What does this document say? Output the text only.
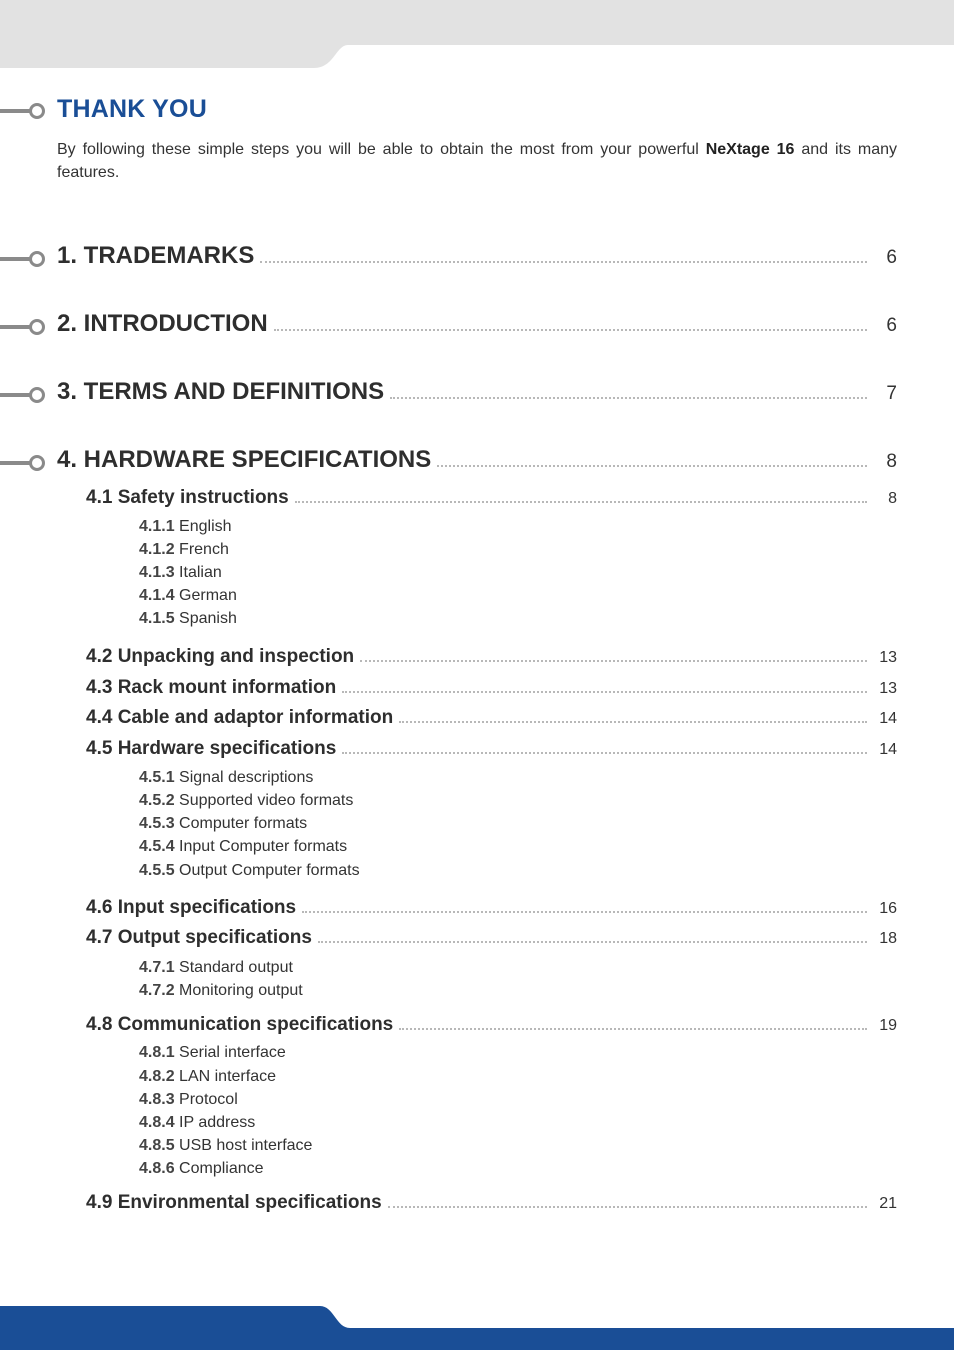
THANK YOU
By following these simple steps you will be able to obtain the most from your powerful NeXtage 16 and its many features.
1. TRADEMARKS	6
2. INTRODUCTION	6
3. TERMS AND DEFINITIONS	7
4. HARDWARE SPECIFICATIONS	8
4.1 Safety instructions	8
4.1.1 English
4.1.2 French
4.1.3 Italian
4.1.4 German
4.1.5 Spanish
4.2 Unpacking and inspection	13
4.3 Rack mount information	13
4.4 Cable and adaptor information	14
4.5 Hardware specifications	14
4.5.1 Signal descriptions
4.5.2 Supported video formats
4.5.3 Computer formats
4.5.4 Input Computer formats
4.5.5 Output Computer formats
4.6 Input specifications	16
4.7 Output specifications	18
4.7.1 Standard output
4.7.2 Monitoring output
4.8 Communication specifications	19
4.8.1 Serial interface
4.8.2 LAN interface
4.8.3 Protocol
4.8.4 IP address
4.8.5 USB host interface
4.8.6 Compliance
4.9 Environmental specifications	21
